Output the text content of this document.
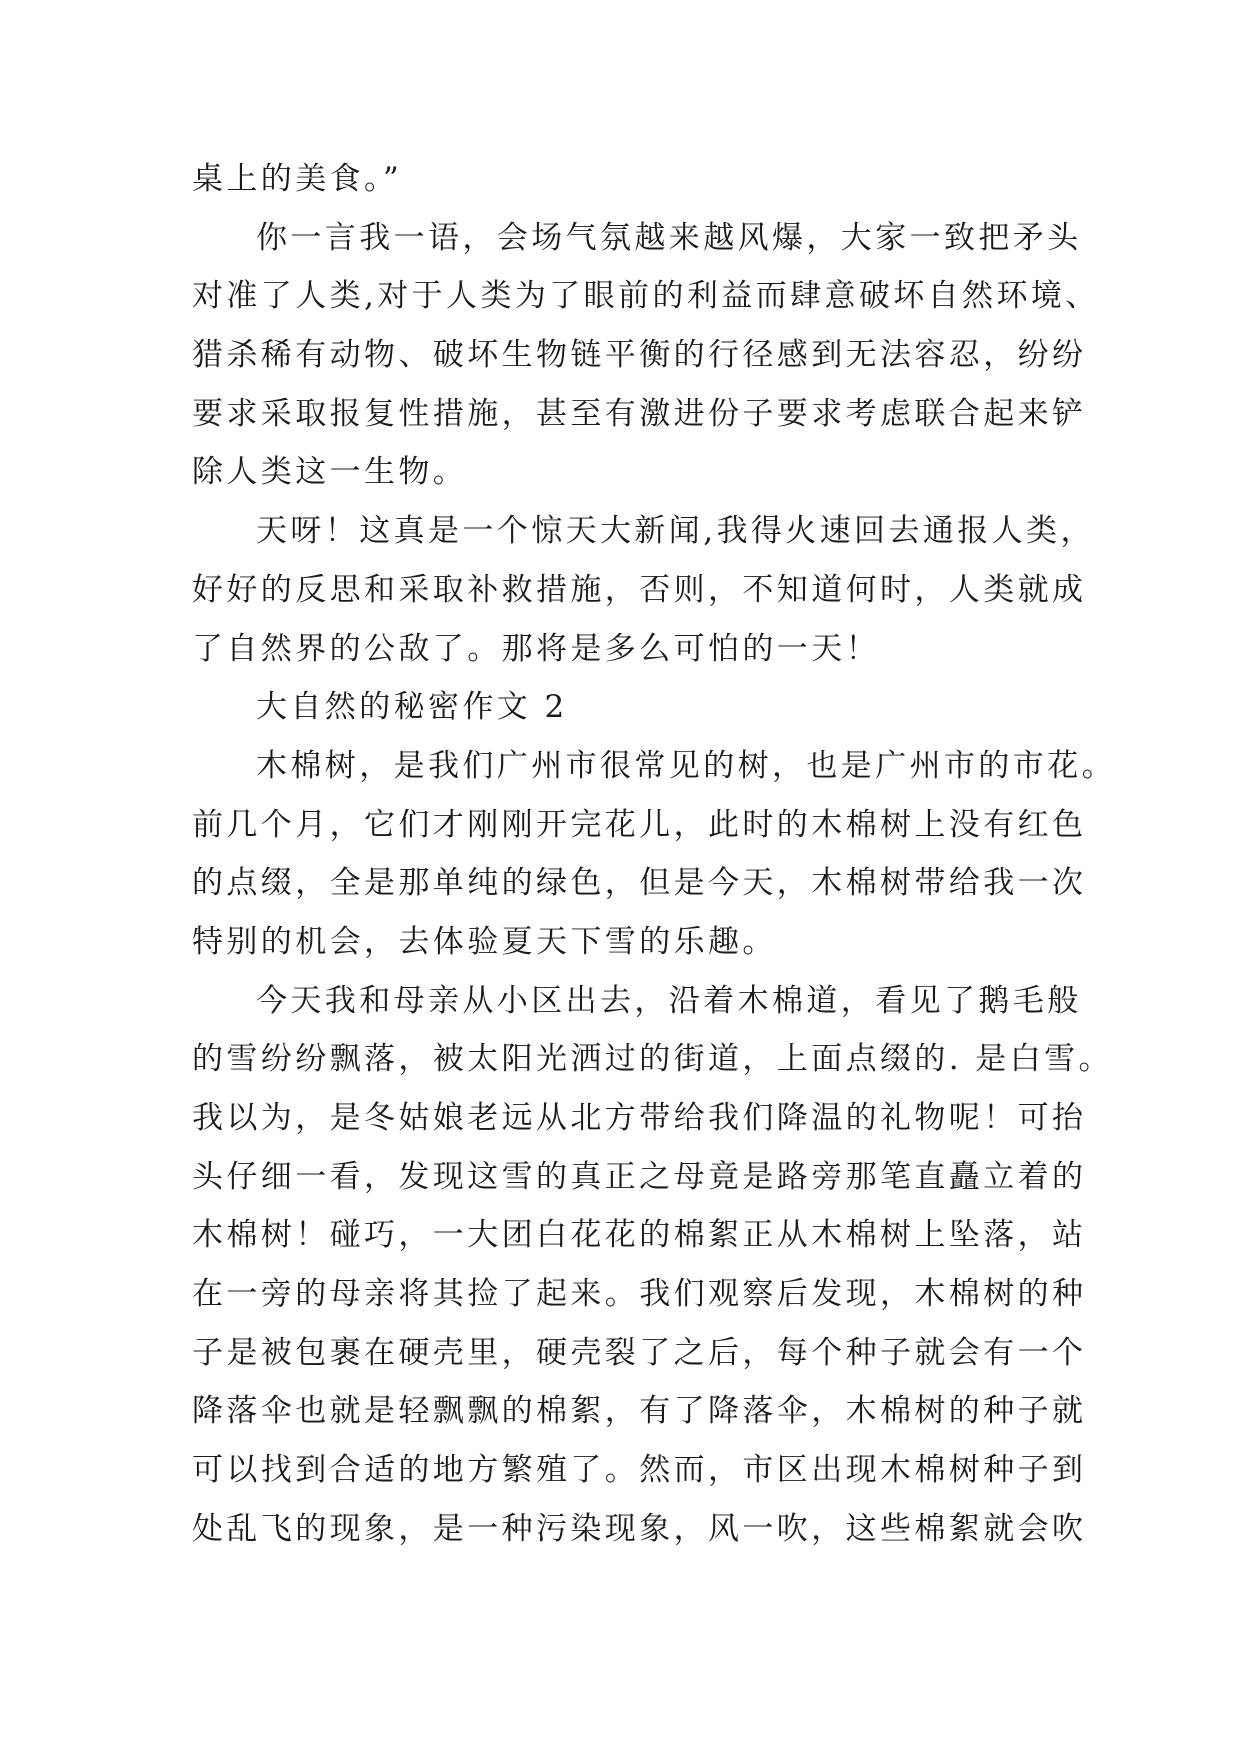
桌上的美食。”
你一言我一语，会场气氛越来越风爆，大家一致把矛头
对准了人类,对于人类为了眼前的利益而肆意破坏自然环境、
猎杀稀有动物、破坏生物链平衡的行径感到无法容忍，纷纷
要求采取报复性措施，甚至有激进份子要求考虑联合起来铲
除人类这一生物。
天呀！这真是一个惊天大新闻,我得火速回去通报人类，
好好的反思和采取补救措施，否则，不知道何时，人类就成
了自然界的公敌了。那将是多么可怕的一天！
大自然的秘密作文 2
木棉树，是我们广州市很常见的树，也是广州市的市花。
前几个月，它们才刚刚开完花儿，此时的木棉树上没有红色
的点缀，全是那单纯的绿色，但是今天，木棉树带给我一次
特别的机会，去体验夏天下雪的乐趣。
今天我和母亲从小区出去，沿着木棉道，看见了鹅毛般
的雪纷纷飘落，被太阳光洒过的街道，上面点缀的. 是白雪。
我以为，是冬姑娘老远从北方带给我们降温的礼物呢！可抬
头仔细一看，发现这雪的真正之母竟是路旁那笔直矗立着的
木棉树！碰巧，一大团白花花的棉絮正从木棉树上坠落，站
在一旁的母亲将其捡了起来。我们观察后发现，木棉树的种
子是被包裹在硬壳里，硬壳裂了之后，每个种子就会有一个
降落伞也就是轻飘飘的棉絮，有了降落伞，木棉树的种子就
可以找到合适的地方繁殖了。然而，市区出现木棉树种子到
处乱飞的现象，是一种污染现象，风一吹，这些棉絮就会吹
